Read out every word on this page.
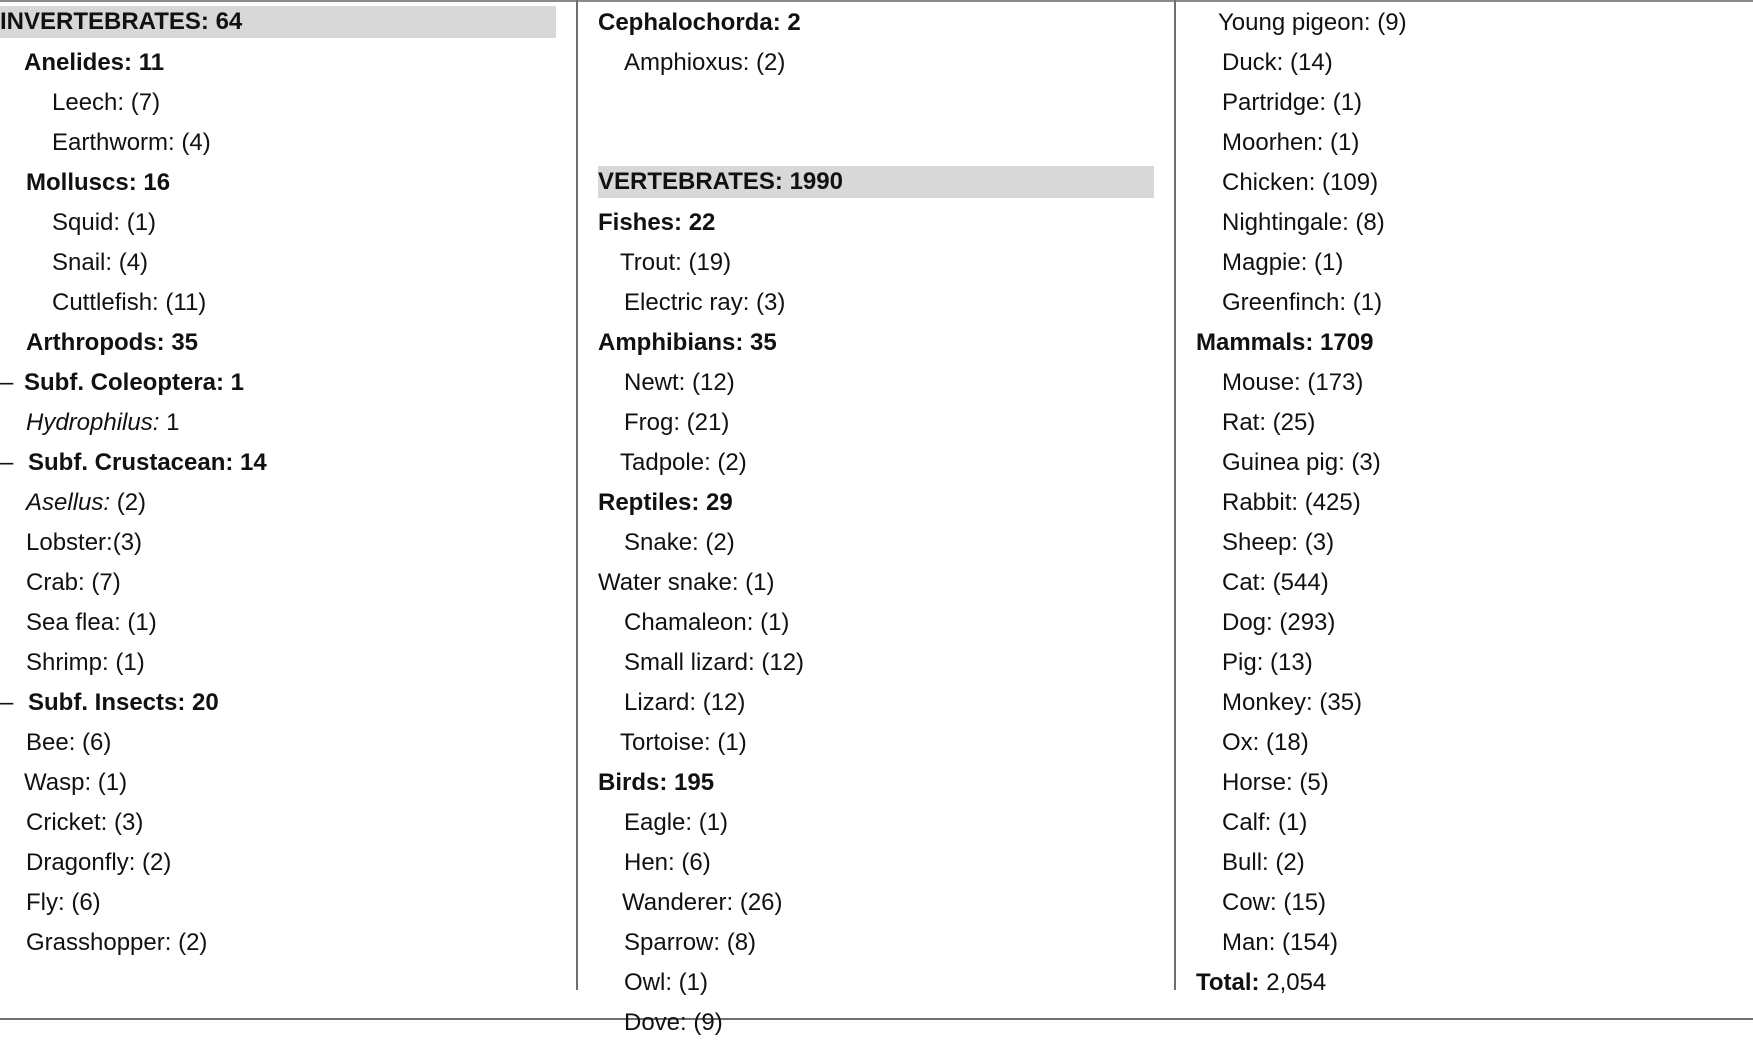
INVERTEBRATES: 64
Anelides: 11
Leech: (7)
Earthworm: (4)
Molluscs: 16
Squid: (1)
Snail: (4)
Cuttlefish: (11)
Arthropods: 35
– Subf. Coleoptera: 1
Hydrophilus: 1
– Subf. Crustacean: 14
Asellus: (2)
Lobster:(3)
Crab: (7)
Sea flea: (1)
Shrimp: (1)
– Subf. Insects: 20
Bee: (6)
Wasp: (1)
Cricket: (3)
Dragonfly: (2)
Fly: (6)
Grasshopper: (2)
Cephalochorda: 2
Amphioxus: (2)
VERTEBRATES: 1990
Fishes: 22
Trout: (19)
Electric ray: (3)
Amphibians: 35
Newt: (12)
Frog: (21)
Tadpole: (2)
Reptiles: 29
Snake: (2)
Water snake: (1)
Chamaleon: (1)
Small lizard: (12)
Lizard: (12)
Tortoise: (1)
Birds: 195
Eagle: (1)
Hen: (6)
Wanderer: (26)
Sparrow: (8)
Owl: (1)
Dove: (9)
Young pigeon: (9)
Duck: (14)
Partridge: (1)
Moorhen: (1)
Chicken: (109)
Nightingale: (8)
Magpie: (1)
Greenfinch: (1)
Mammals: 1709
Mouse: (173)
Rat: (25)
Guinea pig: (3)
Rabbit: (425)
Sheep: (3)
Cat: (544)
Dog: (293)
Pig: (13)
Monkey: (35)
Ox: (18)
Horse: (5)
Calf: (1)
Bull: (2)
Cow: (15)
Man: (154)
Total: 2,054
